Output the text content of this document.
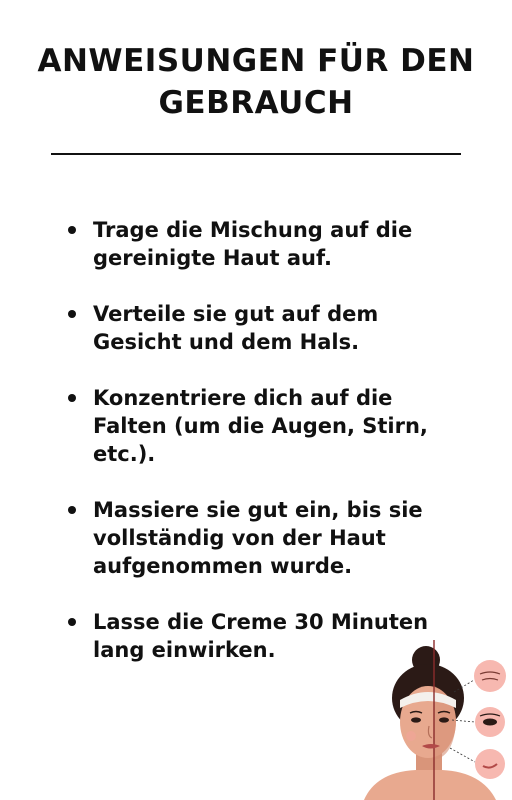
ANWEISUNGEN FÜR DEN
GEBRAUCH
Trage die Mischung auf die gereinigte Haut auf.
Verteile sie gut auf dem Gesicht und dem Hals.
Konzentriere dich auf die Falten (um die Augen, Stirn, etc.).
Massiere sie gut ein, bis sie vollständig von der Haut aufgenommen wurde.
Lasse die Creme 30 Minuten lang einwirken.
